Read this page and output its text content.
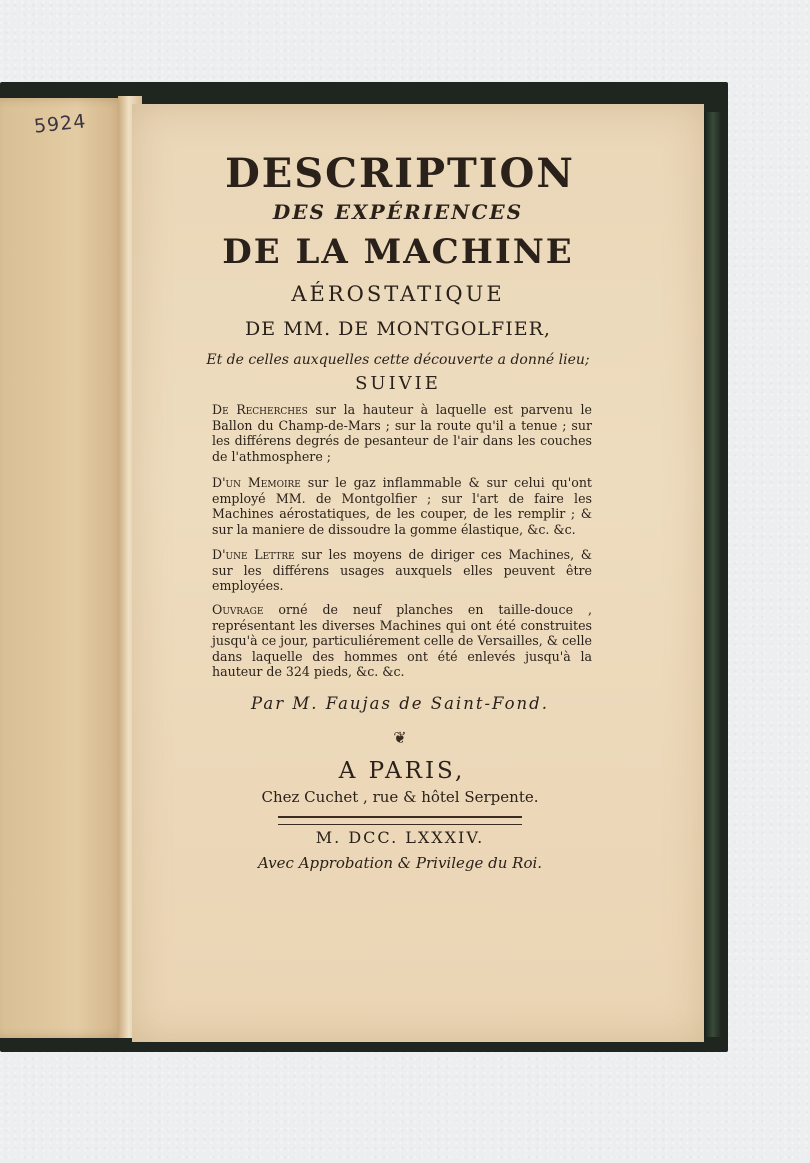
5924
DESCRIPTION
DES EXPÉRIENCES
DE LA MACHINE
AÉROSTATIQUE
DE MM. DE MONTGOLFIER,
Et de celles auxquelles cette découverte a donné lieu;
SUIVIE
De Recherches sur la hauteur à laquelle est parvenu le Ballon du Champ-de-Mars ; sur la route qu'il a tenue ; sur les différens degrés de pesanteur de l'air dans les couches de l'athmosphere ;
D'un Memoire sur le gaz inflammable & sur celui qu'ont employé MM. de Montgolfier ; sur l'art de faire les Machines aérostatiques, de les couper, de les remplir ; & sur la maniere de dissoudre la gomme élastique, &c. &c.
D'une Lettre sur les moyens de diriger ces Machines, & sur les différens usages auxquels elles peuvent être employées.
Ouvrage orné de neuf planches en taille-douce , représentant les diverses Machines qui ont été construites jusqu'à ce jour, particuliérement celle de Versailles, & celle dans laquelle des hommes ont été enlevés jusqu'à la hauteur de 324 pieds, &c. &c.
Par M. Faujas de Saint-Fond.
❦
A PARIS,
Chez Cuchet , rue & hôtel Serpente.
M. DCC. LXXXIV.
Avec Approbation & Privilege du Roi.
